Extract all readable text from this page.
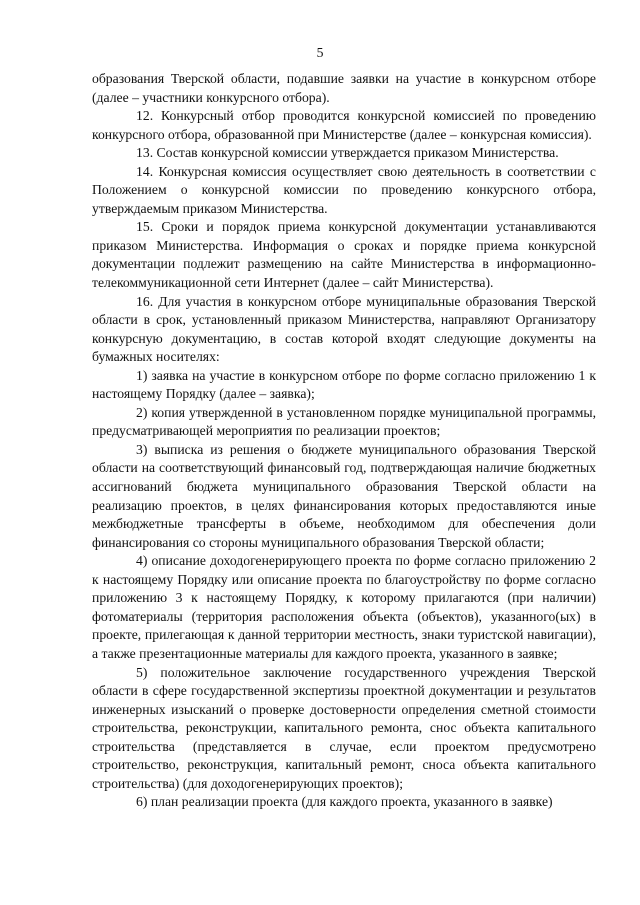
5

образования Тверской области, подавшие заявки на участие в конкурсном отборе (далее – участники конкурсного отбора).

12. Конкурсный отбор проводится конкурсной комиссией по проведению конкурсного отбора, образованной при Министерстве (далее – конкурсная комиссия).

13. Состав конкурсной комиссии утверждается приказом Министерства.

14. Конкурсная комиссия осуществляет свою деятельность в соответствии с Положением о конкурсной комиссии по проведению конкурсного отбора, утверждаемым приказом Министерства.

15. Сроки и порядок приема конкурсной документации устанавливаются приказом Министерства. Информация о сроках и порядке приема конкурсной документации подлежит размещению на сайте Министерства в информационно-телекоммуникационной сети Интернет (далее – сайт Министерства).

16. Для участия в конкурсном отборе муниципальные образования Тверской области в срок, установленный приказом Министерства, направляют Организатору конкурсную документацию, в состав которой входят следующие документы на бумажных носителях:

1) заявка на участие в конкурсном отборе по форме согласно приложению 1 к настоящему Порядку (далее – заявка);

2) копия утвержденной в установленном порядке муниципальной программы, предусматривающей мероприятия по реализации проектов;

3) выписка из решения о бюджете муниципального образования Тверской области на соответствующий финансовый год, подтверждающая наличие бюджетных ассигнований бюджета муниципального образования Тверской области на реализацию проектов, в целях финансирования которых предоставляются иные межбюджетные трансферты в объеме, необходимом для обеспечения доли финансирования со стороны муниципального образования Тверской области;

4) описание доходогенерирующего проекта по форме согласно приложению 2 к настоящему Порядку или описание проекта по благоустройству по форме согласно приложению 3 к настоящему Порядку, к которому прилагаются (при наличии) фотоматериалы (территория расположения объекта (объектов), указанного(ых) в проекте, прилегающая к данной территории местность, знаки туристской навигации), а также презентационные материалы для каждого проекта, указанного в заявке;

5) положительное заключение государственного учреждения Тверской области в сфере государственной экспертизы проектной документации и результатов инженерных изысканий о проверке достоверности определения сметной стоимости строительства, реконструкции, капитального ремонта, снос объекта капитального строительства (представляется в случае, если проектом предусмотрено строительство, реконструкция, капитальный ремонт, сноса объекта капитального строительства) (для доходогенерирующих проектов);

6) план реализации проекта (для каждого проекта, указанного в заявке)
